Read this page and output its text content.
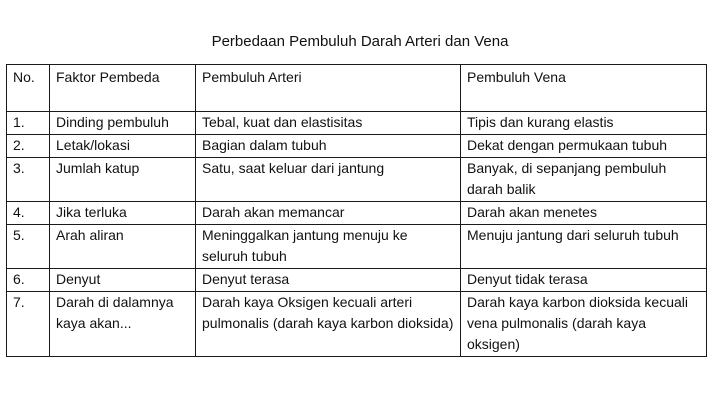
Perbedaan Pembuluh Darah Arteri dan Vena
No.	Faktor Pembeda	Pembuluh Arteri	Pembuluh Vena
1.	Dinding pembuluh	Tebal, kuat dan elastisitas	Tipis dan kurang elastis
2.	Letak/lokasi	Bagian dalam tubuh	Dekat dengan permukaan tubuh
3.	Jumlah katup	Satu, saat keluar dari jantung	Banyak, di sepanjang pembuluh darah balik
4.	Jika terluka	Darah akan memancar	Darah akan menetes
5.	Arah aliran	Meninggalkan jantung menuju ke seluruh tubuh	Menuju jantung dari seluruh tubuh
6.	Denyut	Denyut terasa	Denyut tidak terasa
7.	Darah di dalamnya kaya akan...	Darah kaya Oksigen kecuali arteri pulmonalis (darah kaya karbon dioksida)	Darah kaya karbon dioksida kecuali vena pulmonalis (darah kaya oksigen)
